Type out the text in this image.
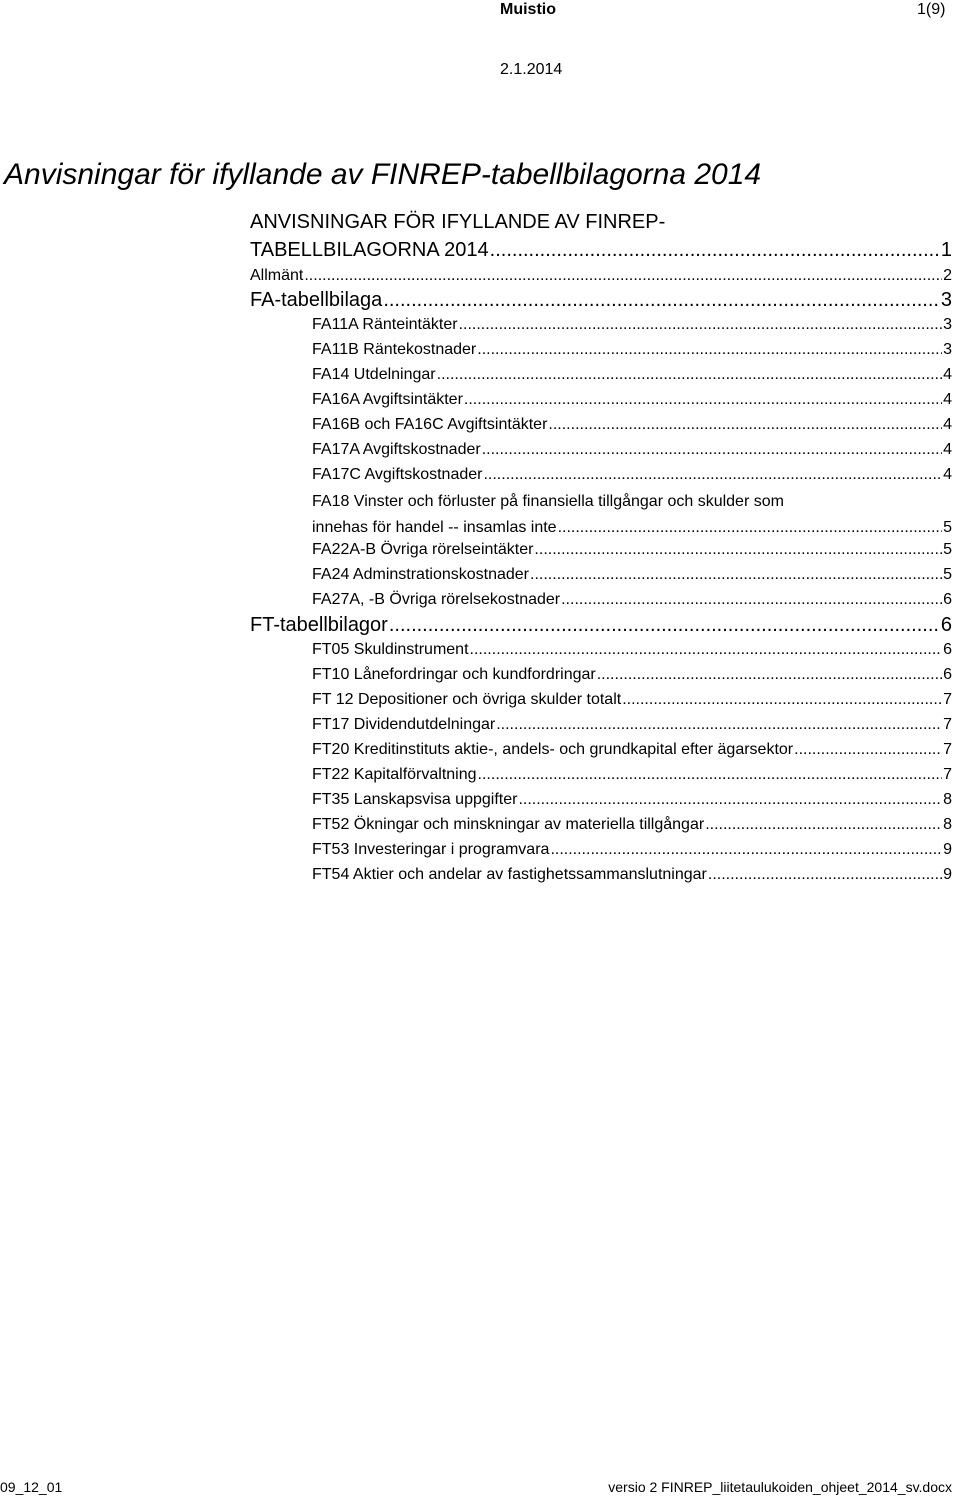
Muistio	1(9)
2.1.2014
Anvisningar för ifyllande av FINREP-tabellbilagorna 2014
ANVISNINGAR FÖR IFYLLANDE AV FINREP-
TABELLBILAGORNA 2014 .....	1
Allmänt .....	2
FA-tabellbilaga .....	3
FA11A Ränteintäkter .....	3
FA11B Räntekostnader .....	3
FA14 Utdelningar .....	4
FA16A Avgiftsintäkter .....	4
FA16B och FA16C Avgiftsintäkter .....	4
FA17A Avgiftskostnader .....	4
FA17C Avgiftskostnader .....	4
FA18 Vinster och förluster på finansiella tillgångar och skulder som
innehas för handel -- insamlas inte .....	5
FA22A-B Övriga rörelseintäkter .....	5
FA24 Adminstrationskostnader .....	5
FA27A, -B Övriga rörelsekostnader .....	6
FT-tabellbilagor .....	6
FT05 Skuldinstrument .....	6
FT10 Lånefordringar och kundfordringar .....	6
FT 12 Depositioner och övriga skulder totalt .....	7
FT17 Dividendutdelningar .....	7
FT20 Kreditinstituts aktie-, andels- och grundkapital efter ägarsektor .....	7
FT22 Kapitalförvaltning .....	7
FT35 Lanskapsvisa uppgifter .....	8
FT52 Ökningar och minskningar av materiella tillgångar .....	8
FT53 Investeringar i programvara .....	9
FT54 Aktier och andelar av fastighetssammanslutningar .....	9
09_12_01	versio 2 FINREP_liitetaulukoiden_ohjeet_2014_sv.docx
